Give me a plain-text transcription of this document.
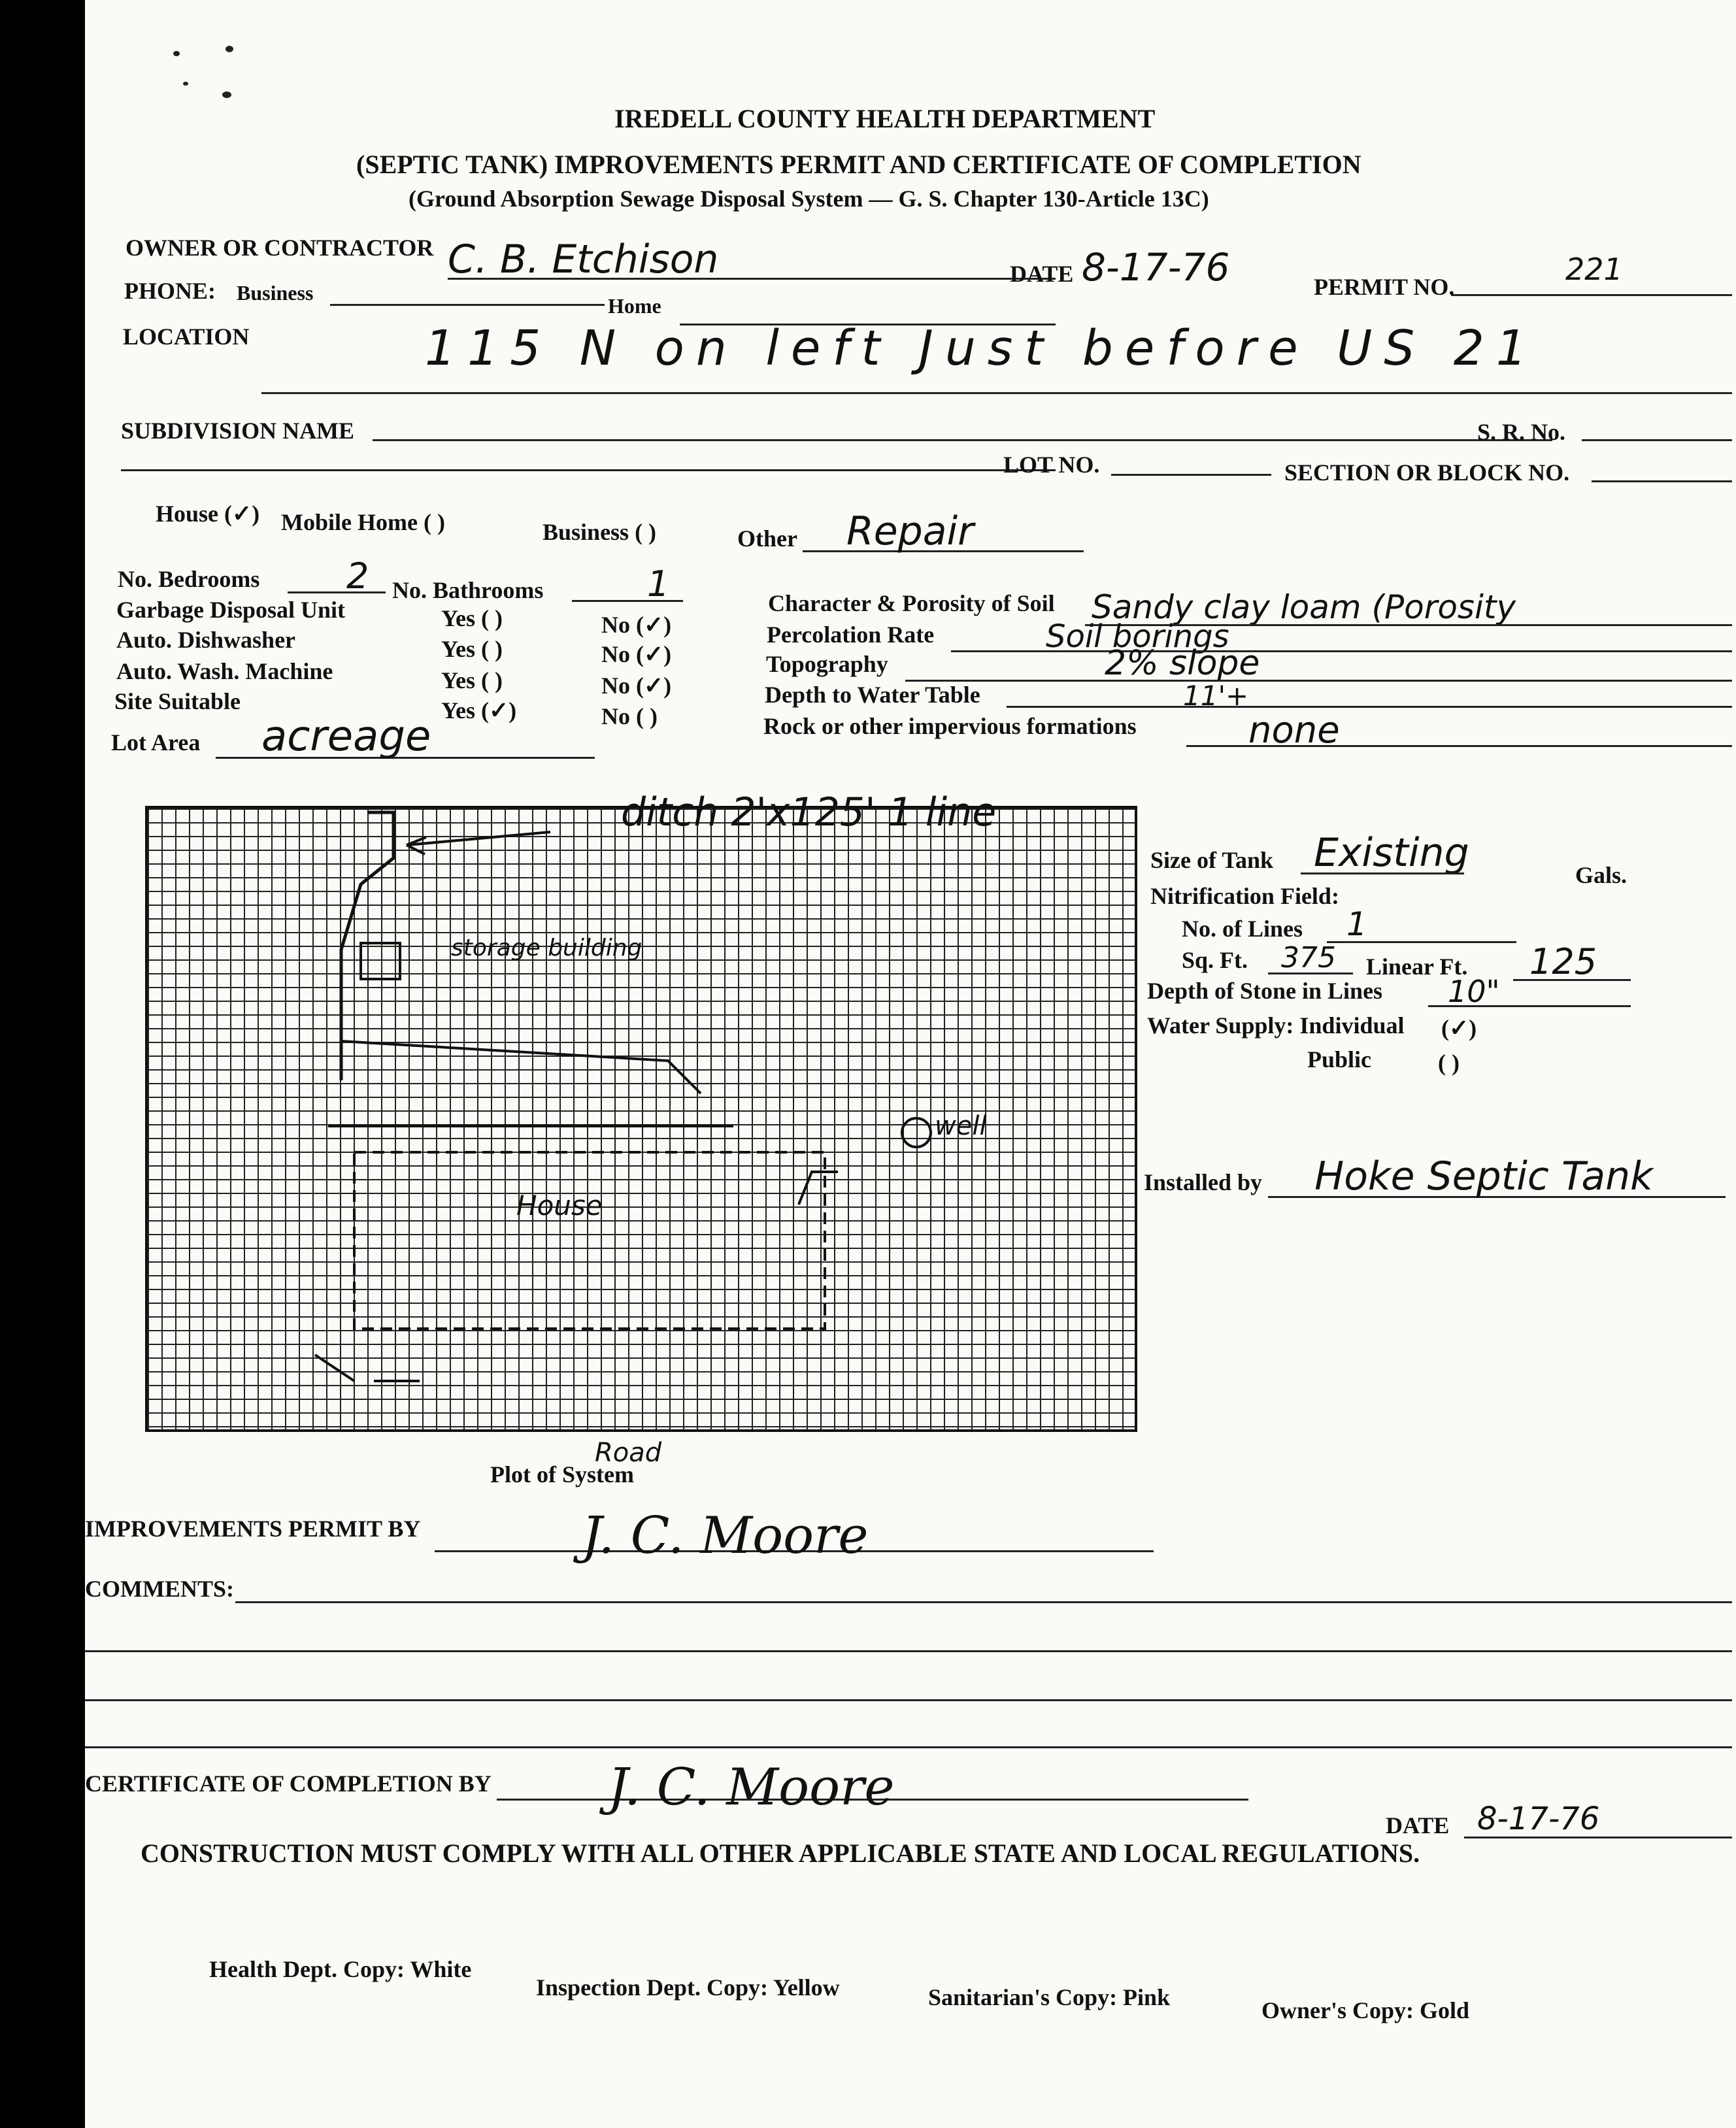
IREDELL COUNTY HEALTH DEPARTMENT
(SEPTIC TANK) IMPROVEMENTS PERMIT AND CERTIFICATE OF COMPLETION
(Ground Absorption Sewage Disposal System — G. S. Chapter 130-Article 13C)
OWNER OR CONTRACTOR C. B. Etchison	DATE 8-17-76	PERMIT NO.	221
PHONE: Business
Home
LOCATION	115 N on left Just before US 21
SUBDIVISION NAME	S. R. No.
LOT NO.	SECTION OR BLOCK NO.
House (✓) Mobile Home ( )	Business ( )	Other Repair
No. Bedrooms 2 No. Bathrooms	1
Garbage Disposal Unit	Yes ( )	No (✓)
Auto. Dishwasher	Yes ( )	No (✓)
Auto. Wash. Machine	Yes ( )	No (✓)
Site Suitable	Yes (✓)	No ( )
Lot Area acreage
Character & Porosity of Soil Sandy clay loam (Porosity
Percolation Rate	Soil borings
Topography	2% slope
Depth to Water Table	11'+
Rock or other impervious formations	none
ditch 2'x125' 1 line
storage building
well
House
Road
Plot of System
Size of Tank Existing	Gals.
Nitrification Field:
No. of Lines 1
Sq. Ft. 375 Linear Ft. 125
Depth of Stone in Lines 10"
Water Supply: Individual (✓)
Public	( )
Installed by Hoke Septic Tank
IMPROVEMENTS PERMIT BY	J. C. Moore
COMMENTS:
CERTIFICATE OF COMPLETION BY J. C. Moore
DATE 8-17-76
CONSTRUCTION MUST COMPLY WITH ALL OTHER APPLICABLE STATE AND LOCAL REGULATIONS.
Health Dept. Copy: White
Inspection Dept. Copy: Yellow	Sanitarian's Copy: Pink	Owner's Copy: Gold
